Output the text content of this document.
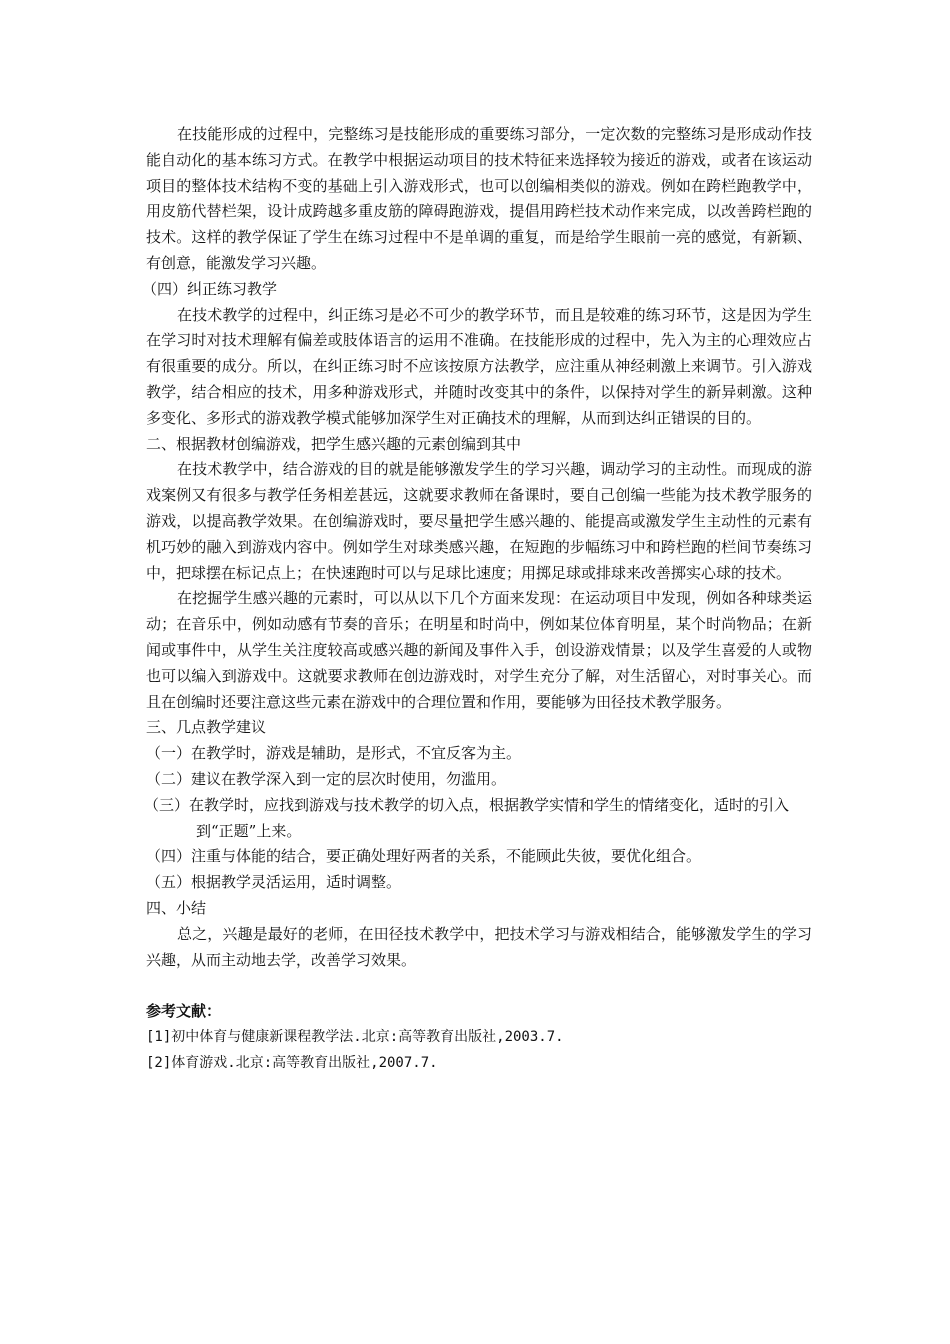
在技能形成的过程中，完整练习是技能形成的重要练习部分，一定次数的完整练习是形成动作技能自动化的基本练习方式。在教学中根据运动项目的技术特征来选择较为接近的游戏，或者在该运动项目的整体技术结构不变的基础上引入游戏形式，也可以创编相类似的游戏。例如在跨栏跑教学中，用皮筋代替栏架，设计成跨越多重皮筋的障碍跑游戏，提倡用跨栏技术动作来完成，以改善跨栏跑的技术。这样的教学保证了学生在练习过程中不是单调的重复，而是给学生眼前一亮的感觉，有新颖、有创意，能激发学习兴趣。

（四）纠正练习教学

在技术教学的过程中，纠正练习是必不可少的教学环节，而且是较难的练习环节，这是因为学生在学习时对技术理解有偏差或肢体语言的运用不准确。在技能形成的过程中，先入为主的心理效应占有很重要的成分。所以，在纠正练习时不应该按原方法教学，应注重从神经刺激上来调节。引入游戏教学，结合相应的技术，用多种游戏形式，并随时改变其中的条件，以保持对学生的新异刺激。这种多变化、多形式的游戏教学模式能够加深学生对正确技术的理解，从而到达纠正错误的目的。

二、根据教材创编游戏，把学生感兴趣的元素创编到其中

在技术教学中，结合游戏的目的就是能够激发学生的学习兴趣，调动学习的主动性。而现成的游戏案例又有很多与教学任务相差甚远，这就要求教师在备课时，要自己创编一些能为技术教学服务的游戏，以提高教学效果。在创编游戏时，要尽量把学生感兴趣的、能提高或激发学生主动性的元素有机巧妙的融入到游戏内容中。例如学生对球类感兴趣，在短跑的步幅练习中和跨栏跑的栏间节奏练习中，把球摆在标记点上；在快速跑时可以与足球比速度；用掷足球或排球来改善掷实心球的技术。

在挖掘学生感兴趣的元素时，可以从以下几个方面来发现：在运动项目中发现，例如各种球类运动；在音乐中，例如动感有节奏的音乐；在明星和时尚中，例如某位体育明星，某个时尚物品；在新闻或事件中，从学生关注度较高或感兴趣的新闻及事件入手，创设游戏情景；以及学生喜爱的人或物也可以编入到游戏中。这就要求教师在创边游戏时，对学生充分了解，对生活留心，对时事关心。而且在创编时还要注意这些元素在游戏中的合理位置和作用，要能够为田径技术教学服务。

三、几点教学建议

（一）在教学时，游戏是辅助，是形式，不宜反客为主。

（二）建议在教学深入到一定的层次时使用，勿滥用。

（三）在教学时，应找到游戏与技术教学的切入点，根据教学实情和学生的情绪变化，适时的引入到“正题”上来。

（四）注重与体能的结合，要正确处理好两者的关系，不能顾此失彼，要优化组合。

（五）根据教学灵活运用，适时调整。

四、小结

总之，兴趣是最好的老师，在田径技术教学中，把技术学习与游戏相结合，能够激发学生的学习兴趣，从而主动地去学，改善学习效果。

参考文献：

[1]初中体育与健康新课程教学法.北京:高等教育出版社,2003.7.

[2]体育游戏.北京:高等教育出版社,2007.7.
